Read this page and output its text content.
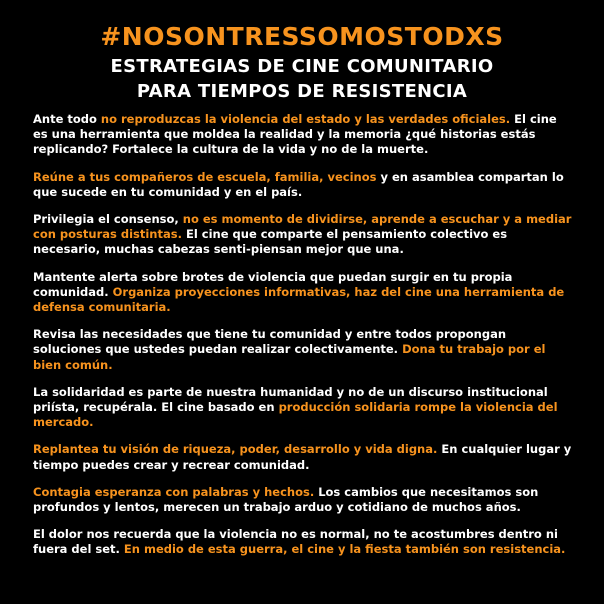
#NOSONTRESSOMOSTODXS
ESTRATEGIAS DE CINE COMUNITARIO
PARA TIEMPOS DE RESISTENCIA

Ante todo no reproduzcas la violencia del estado y las verdades oficiales. El cine es una herramienta que moldea la realidad y la memoria ¿qué historias estás replicando? Fortalece la cultura de la vida y no de la muerte.

Reúne a tus compañeros de escuela, familia, vecinos y en asamblea compartan lo que sucede en tu comunidad y en el país.

Privilegia el consenso, no es momento de dividirse, aprende a escuchar y a mediar con posturas distintas. El cine que comparte el pensamiento colectivo es necesario, muchas cabezas senti-piensan mejor que una.

Mantente alerta sobre brotes de violencia que puedan surgir en tu propia comunidad. Organiza proyecciones informativas, haz del cine una herramienta de defensa comunitaria.

Revisa las necesidades que tiene tu comunidad y entre todos propongan soluciones que ustedes puedan realizar colectivamente. Dona tu trabajo por el bien común.

La solidaridad es parte de nuestra humanidad y no de un discurso institucional priísta, recupérala. El cine basado en producción solidaria rompe la violencia del mercado.

Replantea tu visión de riqueza, poder, desarrollo y vida digna. En cualquier lugar y tiempo puedes crear y recrear comunidad.

Contagia esperanza con palabras y hechos. Los cambios que necesitamos son profundos y lentos, merecen un trabajo arduo y cotidiano de muchos años.

El dolor nos recuerda que la violencia no es normal, no te acostumbres dentro ni fuera del set. En medio de esta guerra, el cine y la fiesta también son resistencia.
